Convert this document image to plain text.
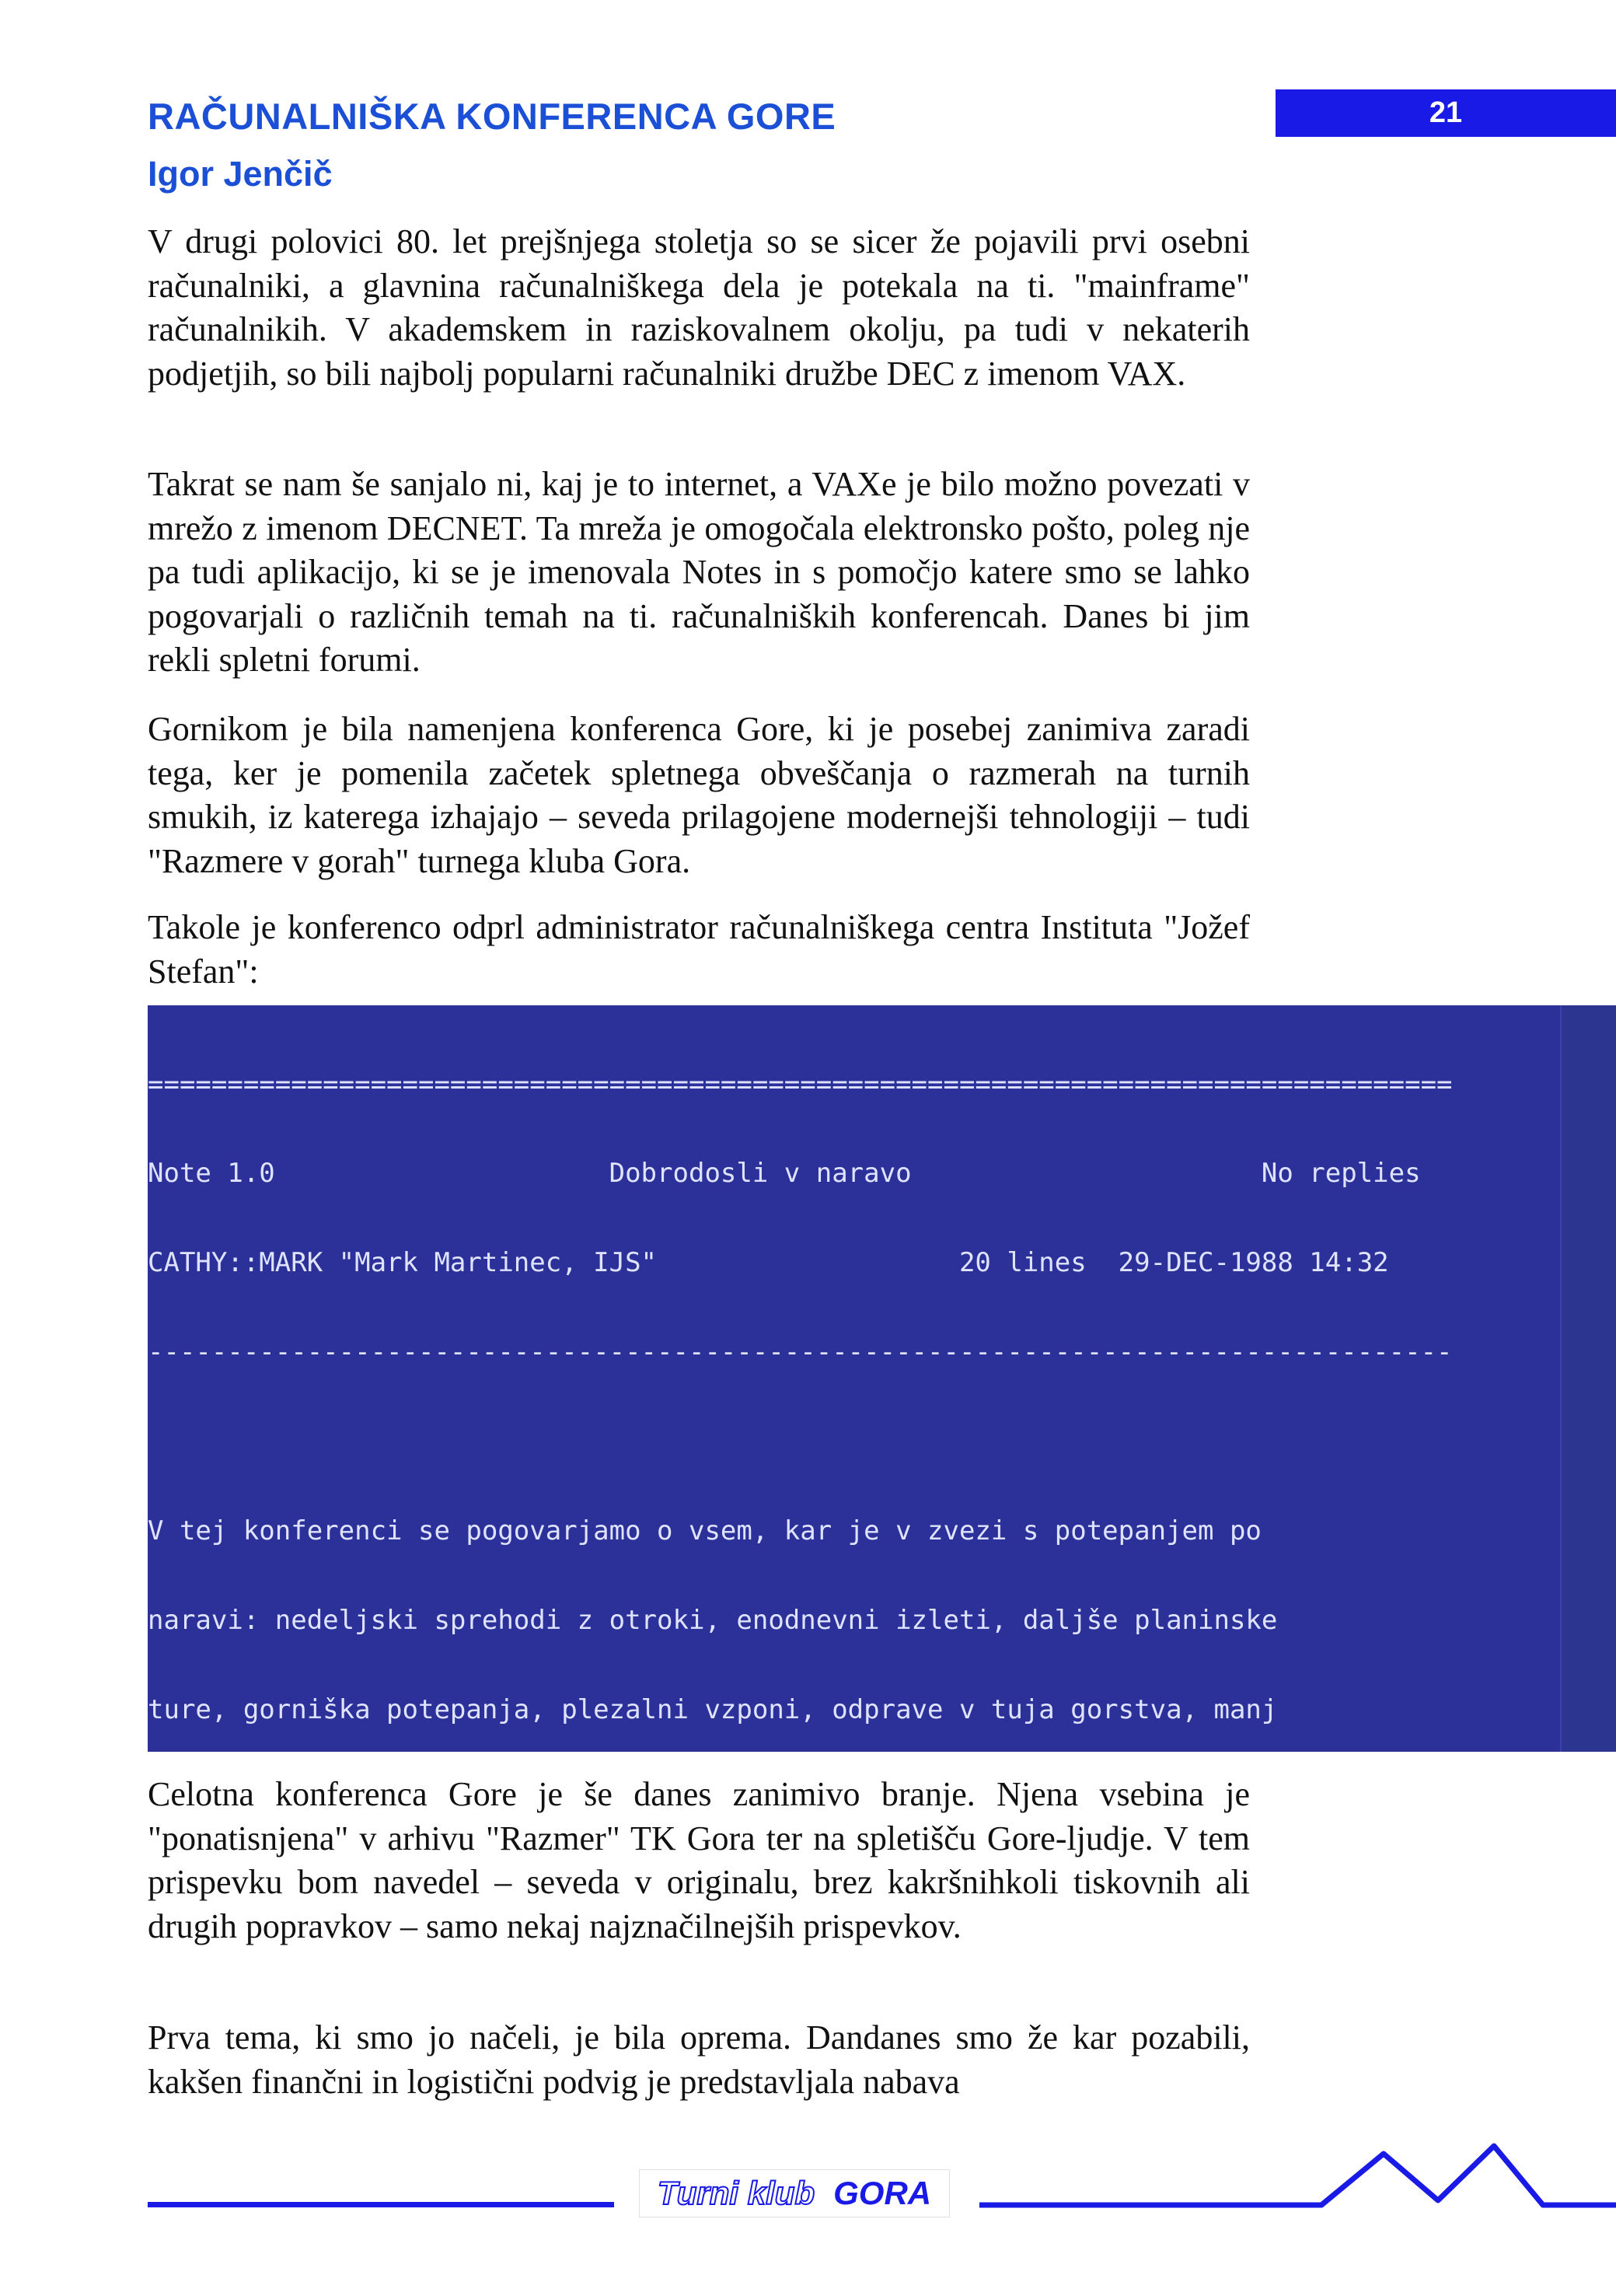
RAČUNALNIŠKA KONFERENCA GORE
Igor Jenčič
21

V drugi polovici 80. let prejšnjega stoletja so se sicer že pojavili prvi osebni računalniki, a glavnina računalniškega dela je potekala na ti. "mainframe" računalnikih. V akademskem in raziskovalnem okolju, pa tudi v nekaterih podjetjih, so bili najbolj popularni računalniki družbe DEC z imenom VAX.

Takrat se nam še sanjalo ni, kaj je to internet, a VAXe je bilo možno povezati v mrežo z imenom DECNET. Ta mreža je omogočala elektronsko pošto, poleg nje pa tudi aplikacijo, ki se je imenovala Notes in s pomočjo katere smo se lahko pogovarjali o različnih temah na ti. računalniških konferencah. Danes bi jim rekli spletni forumi.

Gornikom je bila namenjena konferenca Gore, ki je posebej zanimiva zaradi tega, ker je pomenila začetek spletnega obveščanja o razmerah na turnih smukih, iz katerega izhajajo – seveda prilagojene modernejši tehnologiji – tudi "Razmere v gorah" turnega kluba Gora.

Takole je konferenco odprl administrator računalniškega centra Instituta "Jožef Stefan":

==================================================================================

Note 1.0                     Dobrodosli v naravo                      No replies

CATHY::MARK "Mark Martinec, IJS"                   20 lines  29-DEC-1988 14:32

----------------------------------------------------------------------------------

V tej konferenci se pogovarjamo o vsem, kar je v zvezi s potepanjem po

naravi: nedeljski sprehodi z otroki, enodnevni izleti, daljše planinske

ture, gorniška potepanja, plezalni vzponi, odprave v tuja gorstva, manj

Celotna konferenca Gore je še danes zanimivo branje. Njena vsebina je "ponatisnjena" v arhivu "Razmer" TK Gora ter na spletišču Gore-ljudje. V tem prispevku bom navedel – seveda v originalu, brez kakršnihkoli tiskovnih ali drugih popravkov – samo nekaj najznačilnejših prispevkov.

Prva tema, ki smo jo načeli, je bila oprema. Dandanes smo že kar pozabili, kakšen finančni in logistični podvig je predstavljala nabava

Turni klub GORA
